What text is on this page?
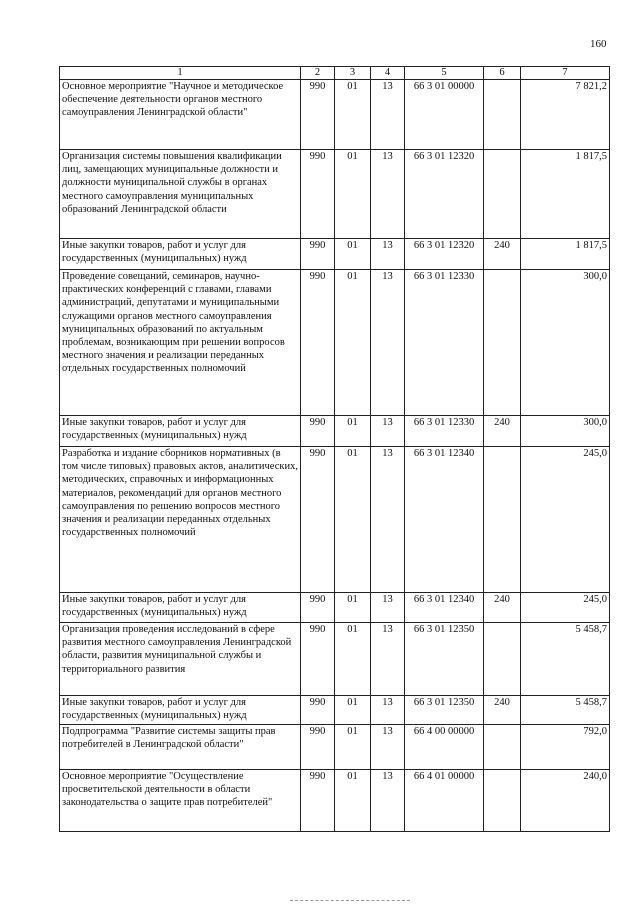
160
1	2	3	4	5	6	7
Основное мероприятие "Научное и методическое обеспечение деятельности органов местного самоуправления Ленинградской области"	990	01	13	66 3 01 00000		7 821,2
Организация системы повышения квалификации лиц, замещающих муниципальные должности и должности муниципальной службы в органах местного самоуправления муниципальных образований Ленинградской области	990	01	13	66 3 01 12320		1 817,5
Иные закупки товаров, работ и услуг для государственных (муниципальных) нужд	990	01	13	66 3 01 12320	240	1 817,5
Проведение совещаний, семинаров, научно-практических конференций с главами, главами администраций, депутатами и муниципальными служащими органов местного самоуправления муниципальных образований по актуальным проблемам, возникающим при решении вопросов местного значения и реализации переданных отдельных государственных полномочий	990	01	13	66 3 01 12330		300,0
Иные закупки товаров, работ и услуг для государственных (муниципальных) нужд	990	01	13	66 3 01 12330	240	300,0
Разработка и издание сборников нормативных (в том числе типовых) правовых актов, аналитических, методических, справочных и информационных материалов, рекомендаций для органов местного самоуправления по решению вопросов местного значения и реализации переданных отдельных государственных полномочий	990	01	13	66 3 01 12340		245,0
Иные закупки товаров, работ и услуг для государственных (муниципальных) нужд	990	01	13	66 3 01 12340	240	245,0
Организация проведения исследований в сфере развития местного самоуправления Ленинградской области, развития муниципальной службы и территориального развития	990	01	13	66 3 01 12350		5 458,7
Иные закупки товаров, работ и услуг для государственных (муниципальных) нужд	990	01	13	66 3 01 12350	240	5 458,7
Подпрограмма "Развитие системы защиты прав потребителей в Ленинградской области"	990	01	13	66 4 00 00000		792,0
Основное мероприятие "Осуществление просветительской деятельности в области законодательства о защите прав потребителей"	990	01	13	66 4 01 00000		240,0
